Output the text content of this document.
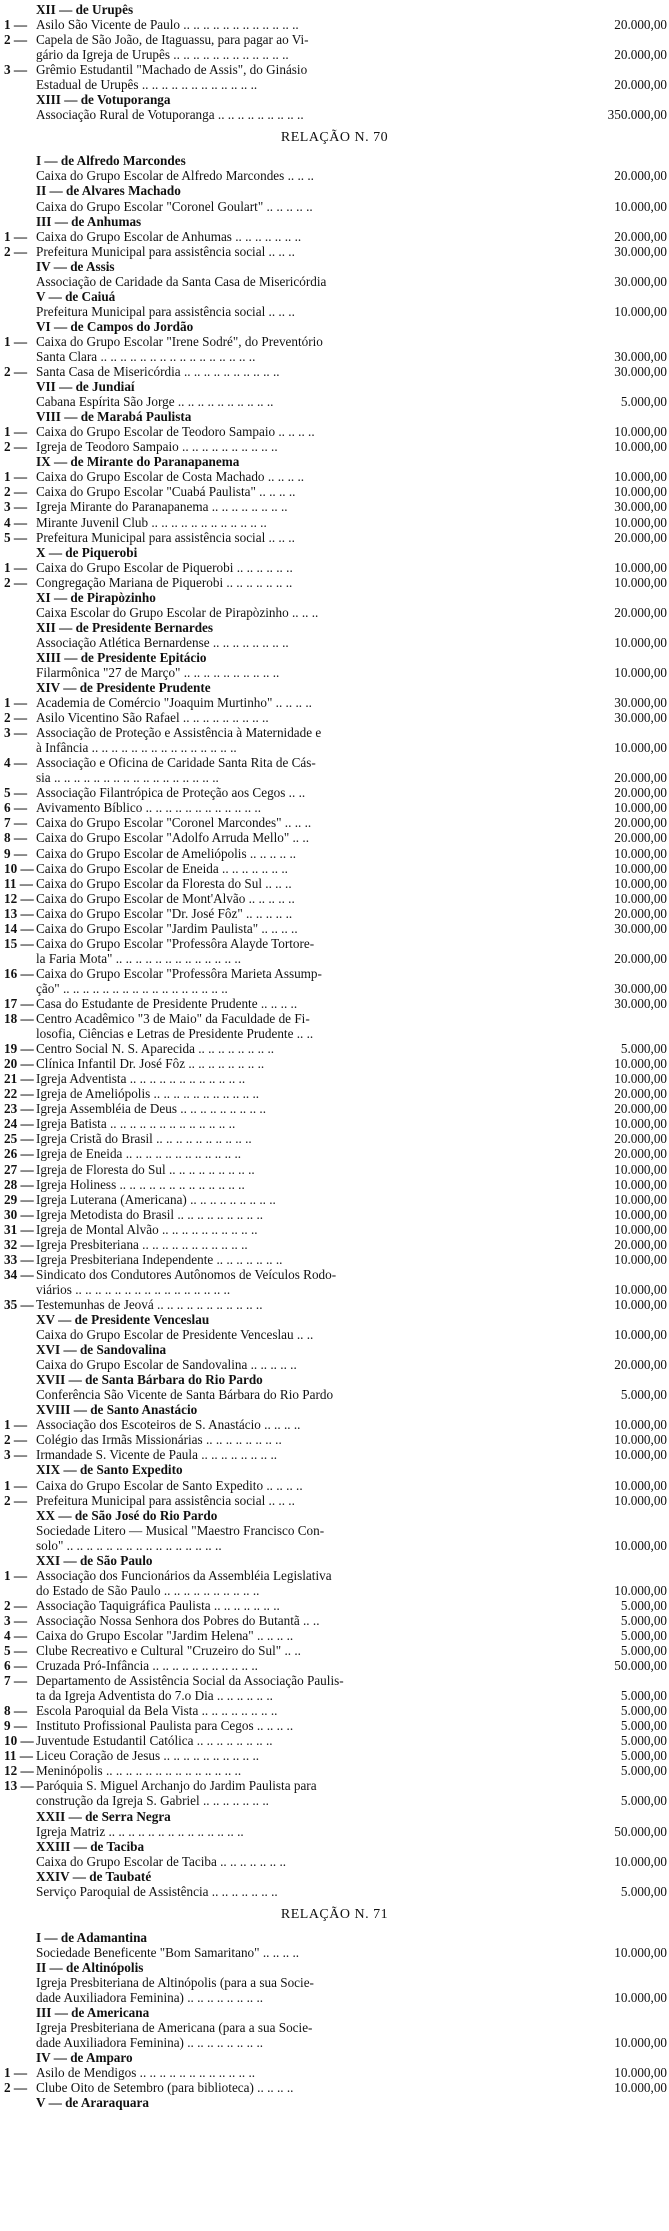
XII — de Urupês
1 — Asilo São Vicente de Paulo .. .. .. .. .. .. .. .. .. .. .. ..	20.000,00
2 — Capela de São João, de Itaguassu, para pagar ao Vi-
gário da Igreja de Urupês .. .. .. .. .. .. .. .. .. .. .. ..	20.000,00
3 — Grêmio Estudantil "Machado de Assis", do Ginásio
Estadual de Urupês .. .. .. .. .. .. .. .. .. .. .. ..	20.000,00
XIII — de Votuporanga
Associação Rural de Votuporanga .. .. .. .. .. .. .. .. ..	350.000,00
RELAÇÃO N. 70
I — de Alfredo Marcondes
Caixa do Grupo Escolar de Alfredo Marcondes .. .. ..	20.000,00
II — de Alvares Machado
Caixa do Grupo Escolar "Coronel Goulart" .. .. .. .. ..	10.000,00
III — de Anhumas
1 — Caixa do Grupo Escolar de Anhumas .. .. .. .. .. .. ..	20.000,00
2 — Prefeitura Municipal para assistência social .. .. ..	30.000,00
IV — de Assis
Associação de Caridade da Santa Casa de Misericórdia	30.000,00
V — de Caiuá
Prefeitura Municipal para assistência social .. .. ..	10.000,00
VI — de Campos do Jordão
1 — Caixa do Grupo Escolar "Irene Sodré", do Preventório
Santa Clara .. .. .. .. .. .. .. .. .. .. .. .. .. .. .. ..	30.000,00
2 — Santa Casa de Misericórdia .. .. .. .. .. .. .. .. .. ..	30.000,00
VII — de Jundiaí
Cabana Espírita São Jorge .. .. .. .. .. .. .. .. .. ..	5.000,00
VIII — de Marabá Paulista
1 — Caixa do Grupo Escolar de Teodoro Sampaio .. .. .. ..	10.000,00
2 — Igreja de Teodoro Sampaio .. .. .. .. .. .. .. .. .. ..	10.000,00
IX — de Mirante do Paranapanema
1 — Caixa do Grupo Escolar de Costa Machado .. .. .. ..	10.000,00
2 — Caixa do Grupo Escolar "Cuabá Paulista" .. .. .. ..	10.000,00
3 — Igreja Mirante do Paranapanema .. .. .. .. .. .. .. ..	30.000,00
4 — Mirante Juvenil Club .. .. .. .. .. .. .. .. .. .. .. ..	10.000,00
5 — Prefeitura Municipal para assistência social .. .. ..	20.000,00
X — de Piquerobi
1 — Caixa do Grupo Escolar de Piquerobi .. .. .. .. .. ..	10.000,00
2 — Congregação Mariana de Piquerobi .. .. .. .. .. .. ..	10.000,00
XI — de Pirapòzinho
Caixa Escolar do Grupo Escolar de Pirapòzinho .. .. ..	20.000,00
XII — de Presidente Bernardes
Associação Atlética Bernardense .. .. .. .. .. .. .. ..	10.000,00
XIII — de Presidente Epitácio
Filarmônica "27 de Março" .. .. .. .. .. .. .. .. .. ..	10.000,00
XIV — de Presidente Prudente
1 — Academia de Comércio "Joaquim Murtinho" .. .. .. ..	30.000,00
2 — Asilo Vicentino São Rafael .. .. .. .. .. .. .. .. ..	30.000,00
3 — Associação de Proteção e Assistência à Maternidade e
à Infância .. .. .. .. .. .. .. .. .. .. .. .. .. .. ..	10.000,00
4 — Associação e Oficina de Caridade Santa Rita de Cás-
sia .. .. .. .. .. .. .. .. .. .. .. .. .. .. .. .. ..	20.000,00
5 — Associação Filantrópica de Proteção aos Cegos .. ..	20.000,00
6 — Avivamento Bíblico .. .. .. .. .. .. .. .. .. .. .. ..	10.000,00
7 — Caixa do Grupo Escolar "Coronel Marcondes" .. .. ..	20.000,00
8 — Caixa do Grupo Escolar "Adolfo Arruda Mello" .. ..	20.000,00
9 — Caixa do Grupo Escolar de Ameliópolis .. .. .. .. ..	10.000,00
10 — Caixa do Grupo Escolar de Eneida .. .. .. .. .. .. ..	10.000,00
11 — Caixa do Grupo Escolar da Floresta do Sul .. .. ..	10.000,00
12 — Caixa do Grupo Escolar de Mont'Alvão .. .. .. .. ..	10.000,00
13 — Caixa do Grupo Escolar "Dr. José Fôz" .. .. .. .. ..	20.000,00
14 — Caixa do Grupo Escolar "Jardim Paulista" .. .. .. ..	30.000,00
15 — Caixa do Grupo Escolar "Professôra Alayde Tortore-
la Faria Mota" .. .. .. .. .. .. .. .. .. .. .. .. ..	20.000,00
16 — Caixa do Grupo Escolar "Professôra Marieta Assump-
ção" .. .. .. .. .. .. .. .. .. .. .. .. .. .. .. .. ..	30.000,00
17 — Casa do Estudante de Presidente Prudente .. .. .. ..	30.000,00
18 — Centro Acadêmico "3 de Maio" da Faculdade de Fi-
losofia, Ciências e Letras de Presidente Prudente .. ..
19 — Centro Social N. S. Aparecida .. .. .. .. .. .. .. ..	5.000,00
20 — Clínica Infantil Dr. José Fôz .. .. .. .. .. .. .. ..	10.000,00
21 — Igreja Adventista .. .. .. .. .. .. .. .. .. .. .. ..	10.000,00
22 — Igreja de Ameliópolis .. .. .. .. .. .. .. .. .. .. ..	20.000,00
23 — Igreja Assembléia de Deus .. .. .. .. .. .. .. .. ..	20.000,00
24 — Igreja Batista .. .. .. .. .. .. .. .. .. .. .. .. ..	10.000,00
25 — Igreja Cristã do Brasil .. .. .. .. .. .. .. .. .. ..	20.000,00
26 — Igreja de Eneida .. .. .. .. .. .. .. .. .. .. .. ..	20.000,00
27 — Igreja de Floresta do Sul .. .. .. .. .. .. .. .. ..	10.000,00
28 — Igreja Holiness .. .. .. .. .. .. .. .. .. .. .. .. ..	10.000,00
29 — Igreja Luterana (Americana) .. .. .. .. .. .. .. .. ..	10.000,00
30 — Igreja Metodista do Brasil .. .. .. .. .. .. .. .. ..	10.000,00
31 — Igreja de Montal Alvão .. .. .. .. .. .. .. .. .. ..	10.000,00
32 — Igreja Presbiteriana .. .. .. .. .. .. .. .. .. .. ..	20.000,00
33 — Igreja Presbiteriana Independente .. .. .. .. .. .. ..	10.000,00
34 — Sindicato dos Condutores Autônomos de Veículos Rodo-
viários .. .. .. .. .. .. .. .. .. .. .. .. .. .. .. ..	10.000,00
35 — Testemunhas de Jeová .. .. .. .. .. .. .. .. .. .. ..	10.000,00
XV — de Presidente Venceslau
Caixa do Grupo Escolar de Presidente Venceslau .. ..	10.000,00
XVI — de Sandovalina
Caixa do Grupo Escolar de Sandovalina .. .. .. .. ..	20.000,00
XVII — de Santa Bárbara do Rio Pardo
Conferência São Vicente de Santa Bárbara do Rio Pardo	5.000,00
XVIII — de Santo Anastácio
1 — Associação dos Escoteiros de S. Anastácio .. .. .. ..	10.000,00
2 — Colégio das Irmãs Missionárias .. .. .. .. .. .. .. ..	10.000,00
3 — Irmandade S. Vicente de Paula .. .. .. .. .. .. .. ..	10.000,00
XIX — de Santo Expedito
1 — Caixa do Grupo Escolar de Santo Expedito .. .. .. ..	10.000,00
2 — Prefeitura Municipal para assistência social .. .. ..	10.000,00
XX — de São José do Rio Pardo
Sociedade Litero — Musical "Maestro Francisco Con-
solo" .. .. .. .. .. .. .. .. .. .. .. .. .. .. .. ..	10.000,00
XXI — de São Paulo
1 — Associação dos Funcionários da Assembléia Legislativa
do Estado de São Paulo .. .. .. .. .. .. .. .. .. ..	10.000,00
2 — Associação Taquigráfica Paulista .. .. .. .. .. .. ..	5.000,00
3 — Associação Nossa Senhora dos Pobres do Butantã .. ..	5.000,00
4 — Caixa do Grupo Escolar "Jardim Helena" .. .. .. ..	5.000,00
5 — Clube Recreativo e Cultural "Cruzeiro do Sul" .. ..	5.000,00
6 — Cruzada Pró-Infância .. .. .. .. .. .. .. .. .. .. ..	50.000,00
7 — Departamento de Assistência Social da Associação Paulis-
ta da Igreja Adventista do 7.o Dia .. .. .. .. .. ..	5.000,00
8 — Escola Paroquial da Bela Vista .. .. .. .. .. .. .. ..	5.000,00
9 — Instituto Profissional Paulista para Cegos .. .. .. ..	5.000,00
10 — Juventude Estudantil Católica .. .. .. .. .. .. .. ..	5.000,00
11 — Liceu Coração de Jesus .. .. .. .. .. .. .. .. .. ..	5.000,00
12 — Meninópolis .. .. .. .. .. .. .. .. .. .. .. .. .. ..	5.000,00
13 — Paróquia S. Miguel Archanjo do Jardim Paulista para
construção da Igreja S. Gabriel .. .. .. .. .. .. ..	5.000,00
XXII — de Serra Negra
Igreja Matriz .. .. .. .. .. .. .. .. .. .. .. .. .. ..	50.000,00
XXIII — de Taciba
Caixa do Grupo Escolar de Taciba .. .. .. .. .. .. ..	10.000,00
XXIV — de Taubaté
Serviço Paroquial de Assistência .. .. .. .. .. .. ..	5.000,00
RELAÇÃO N. 71
I — de Adamantina
Sociedade Beneficente "Bom Samaritano" .. .. .. ..	10.000,00
II — de Altinópolis
Igreja Presbiteriana de Altinópolis (para a sua Socie-
dade Auxiliadora Feminina) .. .. .. .. .. .. .. ..	10.000,00
III — de Americana
Igreja Presbiteriana de Americana (para a sua Socie-
dade Auxiliadora Feminina) .. .. .. .. .. .. .. ..	10.000,00
IV — de Amparo
1 — Asilo de Mendigos .. .. .. .. .. .. .. .. .. .. .. ..	10.000,00
2 — Clube Oito de Setembro (para biblioteca) .. .. .. ..	10.000,00
V — de Araraquara
